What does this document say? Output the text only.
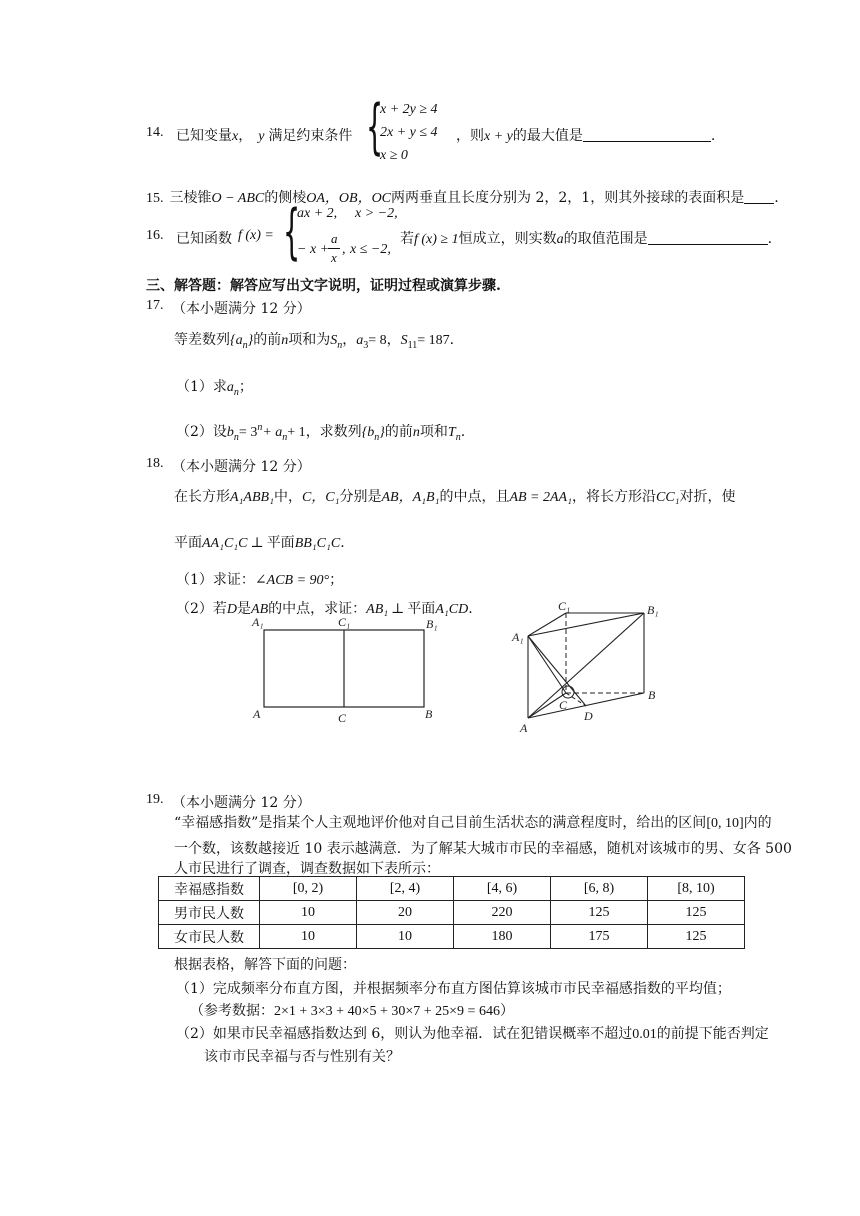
14. 已知变量x， y 满足约束条件 {
x + 2y ≥ 4
2x + y ≤ 4
x ≥ 0
，则x + y的最大值是	.
15. 三棱锥O − ABC的侧棱OA，OB，OC两两垂直且长度分别为 2，2，1，则其外接球的表面积是 .
16. 已知函数 f (x) = {
ax + 2, x > −2,
− x +
a
x
, x ≤ −2,
若f (x) ≥ 1恒成立，则实数a的取值范围是	.
三、解答题：解答应写出文字说明，证明过程或演算步骤.
17. （本小题满分 12 分）
等差数列$\{a_n\}$的前n项和为$S_n$，$a_3= 8$，$S_{11}= 187$.
（1）求$a_n$；
（2）设$b_n= 3^n+ a_n+ 1$，求数列$\{b_n\}$的前n项和$T_n$.
18. （本小题满分 12 分）
在长方形A₁ABB₁中，C，C₁分别是AB，A₁B₁的中点，且AB = 2AA₁，将长方形沿CC₁对折，使
平面AA₁C₁C ⊥ 平面BB₁C₁C.
（1）求证：∠ACB = 90°；
（2）若D是AB的中点，求证：AB₁ ⊥ 平面A₁CD.
A₁	C₁	B₁
A	C	B
C₁	B₁
A₁
C
B
D
A
19. （本小题满分 12 分）
“幸福感指数”是指某个人主观地评价他对自己目前生活状态的满意程度时，给出的区间[0, 10]内的
一个数，该数越接近 10 表示越满意．为了解某大城市市民的幸福感，随机对该城市的男、女各 500
人市民进行了调查，调查数据如下表所示：
幸福感指数	[0, 2)	[2, 4)	[4, 6)	[6, 8)	[8, 10)
男市民人数	10	20	220	125	125
女市民人数	10	10	180	175	125
根据表格，解答下面的问题：
（1）完成频率分布直方图，并根据频率分布直方图估算该城市市民幸福感指数的平均值；
（参考数据：2×1 + 3×3 + 40×5 + 30×7 + 25×9 = 646）
（2）如果市民幸福感指数达到 6，则认为他幸福．试在犯错误概率不超过0.01的前提下能否判定
该市市民幸福与否与性别有关？
